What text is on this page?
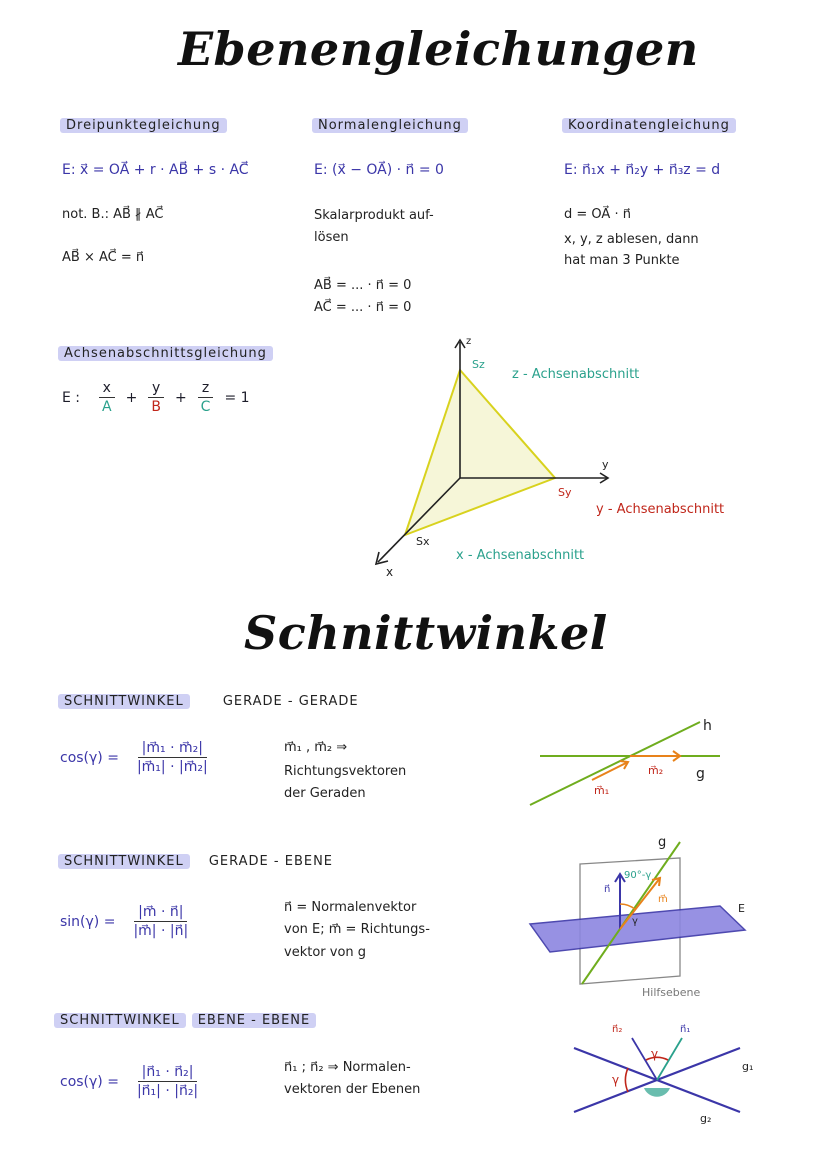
Ebenengleichungen
Dreipunktegleichung
E: x⃗ = OA⃗ + r · AB⃗ + s · AC⃗
not. B.: AB⃗ ∦ AC⃗
AB⃗ × AC⃗ = n⃗
Normalengleichung
E: (x⃗ − OA⃗) · n⃗ = 0
Skalarprodukt auf-
lösen
AB⃗ = ... · n⃗ = 0
AC⃗ = ... · n⃗ = 0
Koordinatengleichung
E: n⃗₁x + n⃗₂y + n⃗₃z = d
d = OA⃗ · n⃗
x, y, z ablesen, dann
hat man 3 Punkte
Achsenabschnittsgleichung
E : $\frac{x}{A} + \frac{y}{B} + \frac{z}{C} = 1$
z
y
x
Sz
Sy
Sx
z - Achsenabschnitt
y - Achsenabschnitt
x - Achsenabschnitt
Schnittwinkel
SCHNITTWINKEL	GERADE - GERADE
$\cos(\gamma) = \frac{\text{|m⃗₁ · m⃗₂|}}{\text{|m⃗₁| · |m⃗₂|}}$	m⃗₁ , m⃗₂ ⇒
Richtungsvektoren
der Geraden
h
g
m⃗₁
m⃗₂
SCHNITTWINKEL GERADE - EBENE
$\sin(\gamma) = \frac{|m⃗ \cdot n⃗|}{|m⃗| \cdot |n⃗|}$	n⃗ = Normalenvektor
von E; m⃗ = Richtungs-
vektor von g
g
E
n⃗
m⃗
90°-γ
γ
Hilfsebene
SCHNITTWINKEL EBENE - EBENE
$\cos(\gamma) = \frac{\text{|n⃗₁ · n⃗₂|}}{\text{|n⃗₁| · |n⃗₂|}}$	n⃗₁ ; n⃗₂ ⇒ Normalen-
vektoren der Ebenen
n⃗₂	n⃗₁
g₁
g₂
γ
γ
